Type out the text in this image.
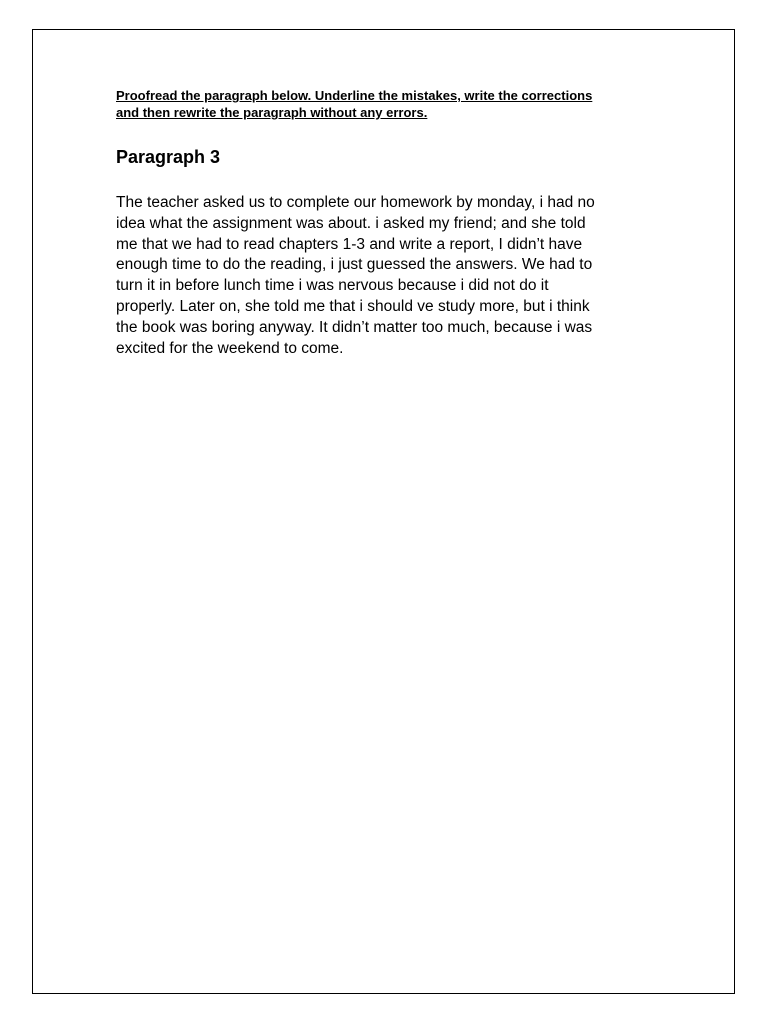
Proofread the paragraph below. Underline the mistakes, write the corrections
and then rewrite the paragraph without any errors.

Paragraph 3

The teacher asked us to complete our homework by monday, i had no
idea what the assignment was about. i asked my friend; and she told
me that we had to read chapters 1-3 and write a report, I didn’t have
enough time to do the reading, i just guessed the answers. We had to
turn it in before lunch time i was nervous because i did not do it
properly. Later on, she told me that i should ve study more, but i think
the book was boring anyway. It didn’t matter too much, because i was
excited for the weekend to come.
